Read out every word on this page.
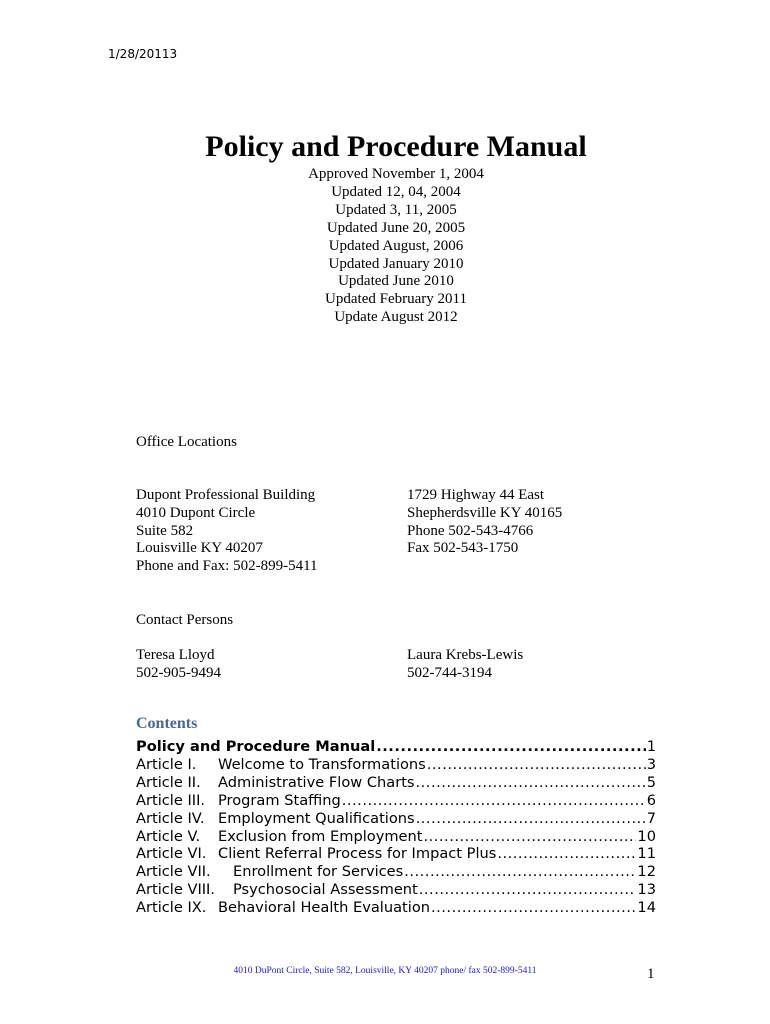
1/28/20113
Policy and Procedure Manual
Approved November 1, 2004
Updated 12, 04, 2004
Updated 3, 11, 2005
Updated June 20, 2005
Updated August, 2006
Updated January 2010
Updated June 2010
Updated February 2011
Update August 2012
Office Locations
Dupont Professional Building
4010 Dupont Circle
Suite 582
Louisville KY 40207
Phone and Fax: 502-899-5411
1729 Highway 44 East
Shepherdsville KY 40165
Phone 502-543-4766
Fax 502-543-1750
Contact Persons
Teresa Lloyd
502-905-9494
Laura Krebs-Lewis
502-744-3194
Contents
Policy and Procedure Manual .....	1
Article I.	Welcome to Transformations .....	3
Article II.	Administrative Flow Charts .....	5
Article III. Program Staffing .....	6
Article IV. Employment Qualifications .....	7
Article V.	Exclusion from Employment .....	10
Article VI. Client Referral Process for Impact Plus .....	11
Article VII.	Enrollment for Services .....	12
Article VIII.	Psychosocial Assessment .....	13
Article IX. Behavioral Health Evaluation .....	14
4010 DuPont Circle, Suite 582, Louisville, KY 40207 phone/ fax 502-899-5411	1
